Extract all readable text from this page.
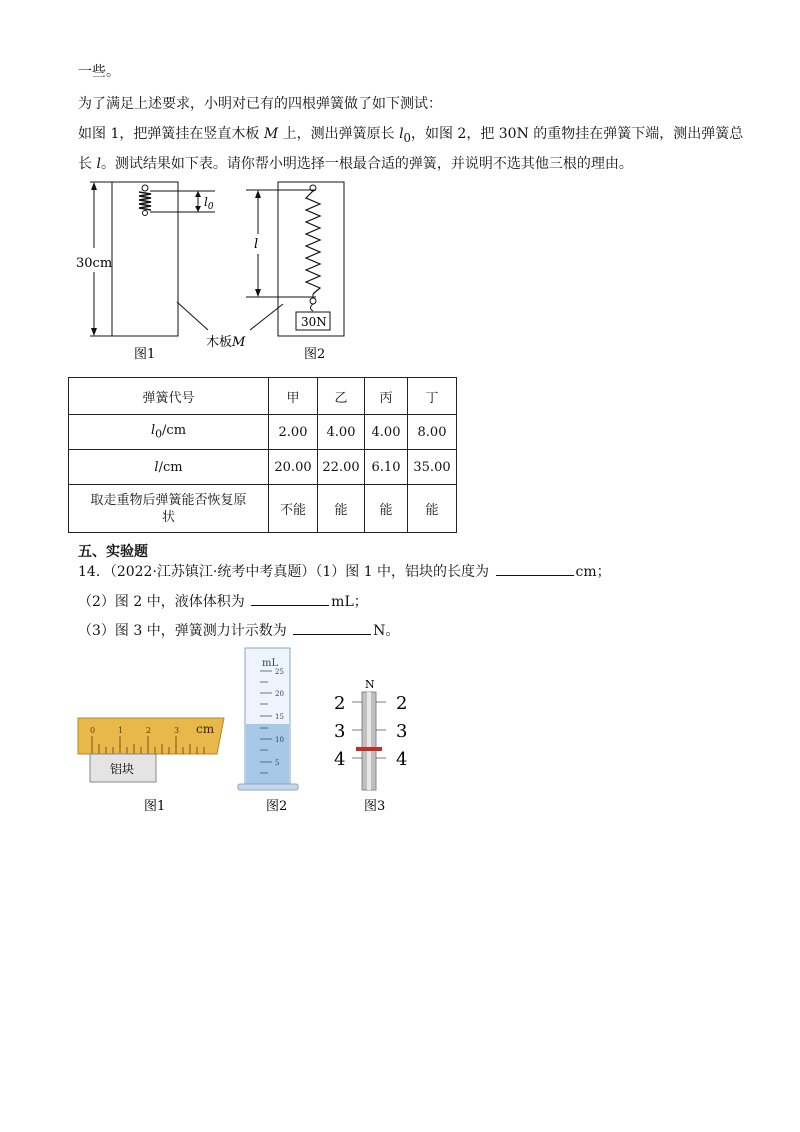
一些。
为了满足上述要求，小明对已有的四根弹簧做了如下测试：
如图 1，把弹簧挂在竖直木板 M 上，测出弹簧原长 $l_0$，如图 2，把 30N 的重物挂在弹簧下端，测出弹簧总
长 l。测试结果如下表。请你帮小明选择一根最合适的弹簧，并说明不选其他三根的理由。
30cm
$l_0$
30N
l
木板M
图1	图2
弹簧代号	甲	乙	丙	丁
$l_0/cm$	2.00	4.00	4.00	8.00
l/cm	20.00	22.00	6.10	35.00

取走重物后弹簧能否恢复原
状	不能	能	能	能
五、实验题
14．（2022·江苏镇江·统考中考真题）（1）图 1 中，铝块的长度为	cm；
（2）图 2 中，液体体积为	mL；
（3）图 3 中，弹簧测力计示数为	N。
0	1	2	3 cm
铝块
mL
25
20
15
10
5
N
2
3
4
2
3
4
图1	图2	图3
